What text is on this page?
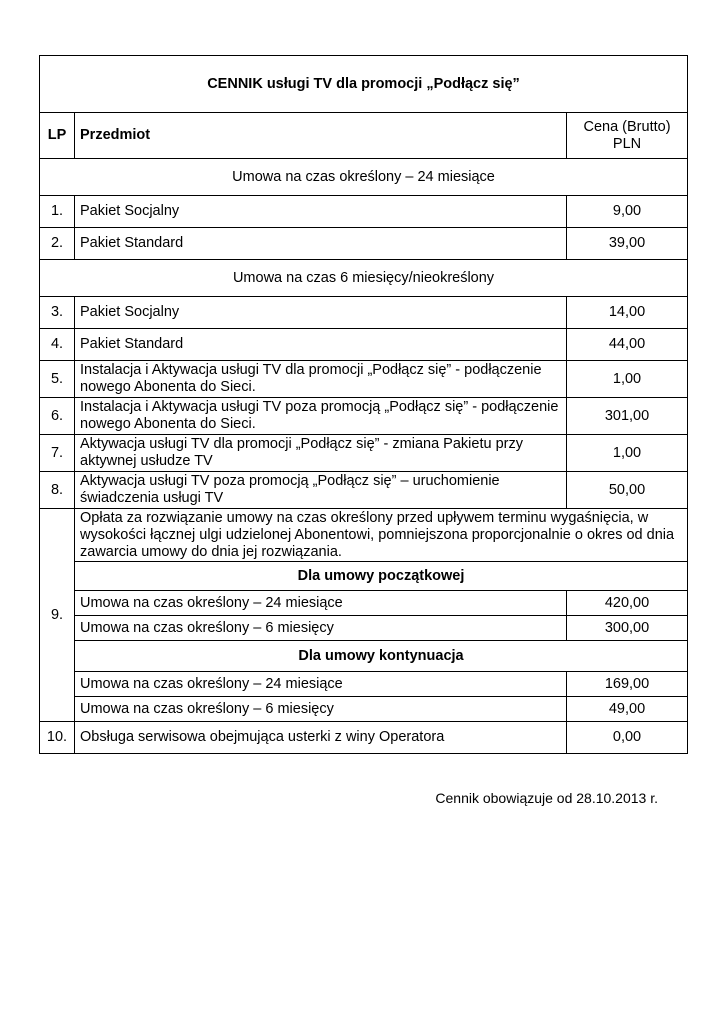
CENNIK usługi TV dla promocji „Podłącz się”		
LP	Przedmiot	Cena (Brutto) PLN
Umowa na czas określony – 24 miesiące		
1.	Pakiet Socjalny	9,00
2.	Pakiet Standard	39,00
Umowa na czas 6 miesięcy/nieokreślony		
3.	Pakiet Socjalny	14,00
4.	Pakiet Standard	44,00
5.	Instalacja i Aktywacja usługi TV dla promocji „Podłącz się” - podłączenie nowego Abonenta do Sieci.	1,00
6.	Instalacja i Aktywacja usługi TV poza promocją „Podłącz się” - podłączenie nowego Abonenta do Sieci.	301,00
7.	Aktywacja usługi TV dla promocji „Podłącz się” - zmiana Pakietu przy aktywnej usłudze TV	1,00
8.	Aktywacja usługi TV poza promocją „Podłącz się” – uruchomienie świadczenia usługi TV	50,00
9.	Opłata za rozwiązanie umowy na czas określony przed upływem terminu wygaśnięcia, w wysokości łącznej ulgi udzielonej Abonentowi, pomniejszona proporcjonalnie o okres od dnia zawarcia umowy do dnia jej rozwiązania.	
	Dla umowy początkowej	
	Umowa na czas określony – 24 miesiące	420,00
	Umowa na czas określony – 6 miesięcy	300,00
	Dla umowy kontynuacja	
	Umowa na czas określony – 24 miesiące	169,00
	Umowa na czas określony – 6 miesięcy	49,00
10.	Obsługa serwisowa obejmująca usterki z winy Operatora	0,00
Cennik obowiązuje od 28.10.2013 r.
